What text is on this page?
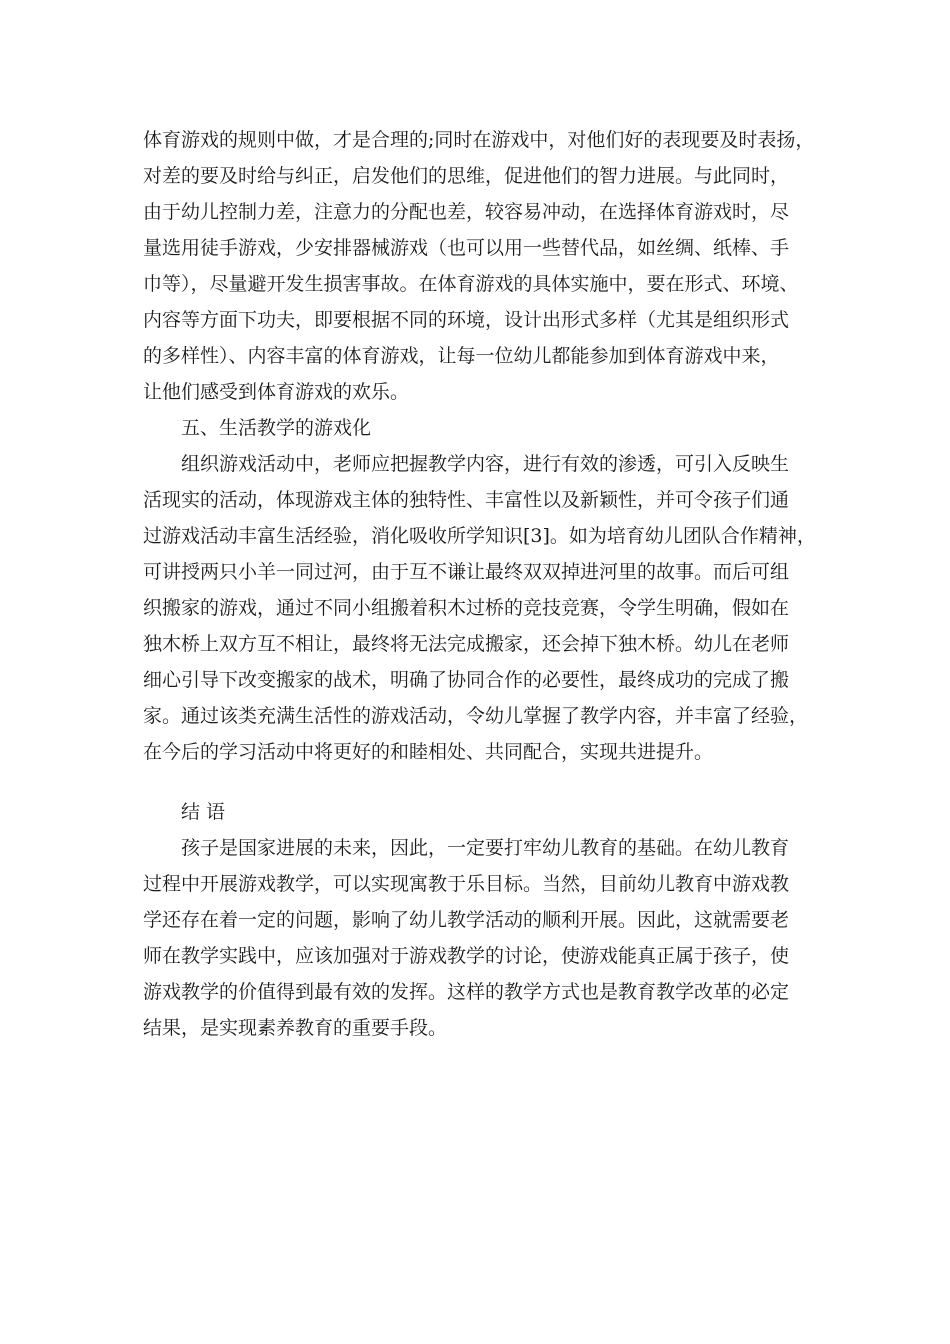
体育游戏的规则中做，才是合理的;同时在游戏中，对他们好的表现要及时表扬，
对差的要及时给与纠正，启发他们的思维，促进他们的智力进展。与此同时，
由于幼儿控制力差，注意力的分配也差，较容易冲动，在选择体育游戏时，尽
量选用徒手游戏，少安排器械游戏（也可以用一些替代品，如丝绸、纸棒、手
巾等），尽量避开发生损害事故。在体育游戏的具体实施中，要在形式、环境、
内容等方面下功夫，即要根据不同的环境，设计出形式多样（尤其是组织形式
的多样性）、内容丰富的体育游戏，让每一位幼儿都能参加到体育游戏中来，
让他们感受到体育游戏的欢乐。
五、生活教学的游戏化
组织游戏活动中，老师应把握教学内容，进行有效的渗透，可引入反映生
活现实的活动，体现游戏主体的独特性、丰富性以及新颖性，并可令孩子们通
过游戏活动丰富生活经验，消化吸收所学知识[3]。如为培育幼儿团队合作精神，
可讲授两只小羊一同过河，由于互不谦让最终双双掉进河里的故事。而后可组
织搬家的游戏，通过不同小组搬着积木过桥的竞技竞赛，令学生明确，假如在
独木桥上双方互不相让，最终将无法完成搬家，还会掉下独木桥。幼儿在老师
细心引导下改变搬家的战术，明确了协同合作的必要性，最终成功的完成了搬
家。通过该类充满生活性的游戏活动，令幼儿掌握了教学内容，并丰富了经验，
在今后的学习活动中将更好的和睦相处、共同配合，实现共进提升。
结 语
孩子是国家进展的未来，因此，一定要打牢幼儿教育的基础。在幼儿教育
过程中开展游戏教学，可以实现寓教于乐目标。当然，目前幼儿教育中游戏教
学还存在着一定的问题，影响了幼儿教学活动的顺利开展。因此，这就需要老
师在教学实践中，应该加强对于游戏教学的讨论，使游戏能真正属于孩子，使
游戏教学的价值得到最有效的发挥。这样的教学方式也是教育教学改革的必定
结果，是实现素养教育的重要手段。
